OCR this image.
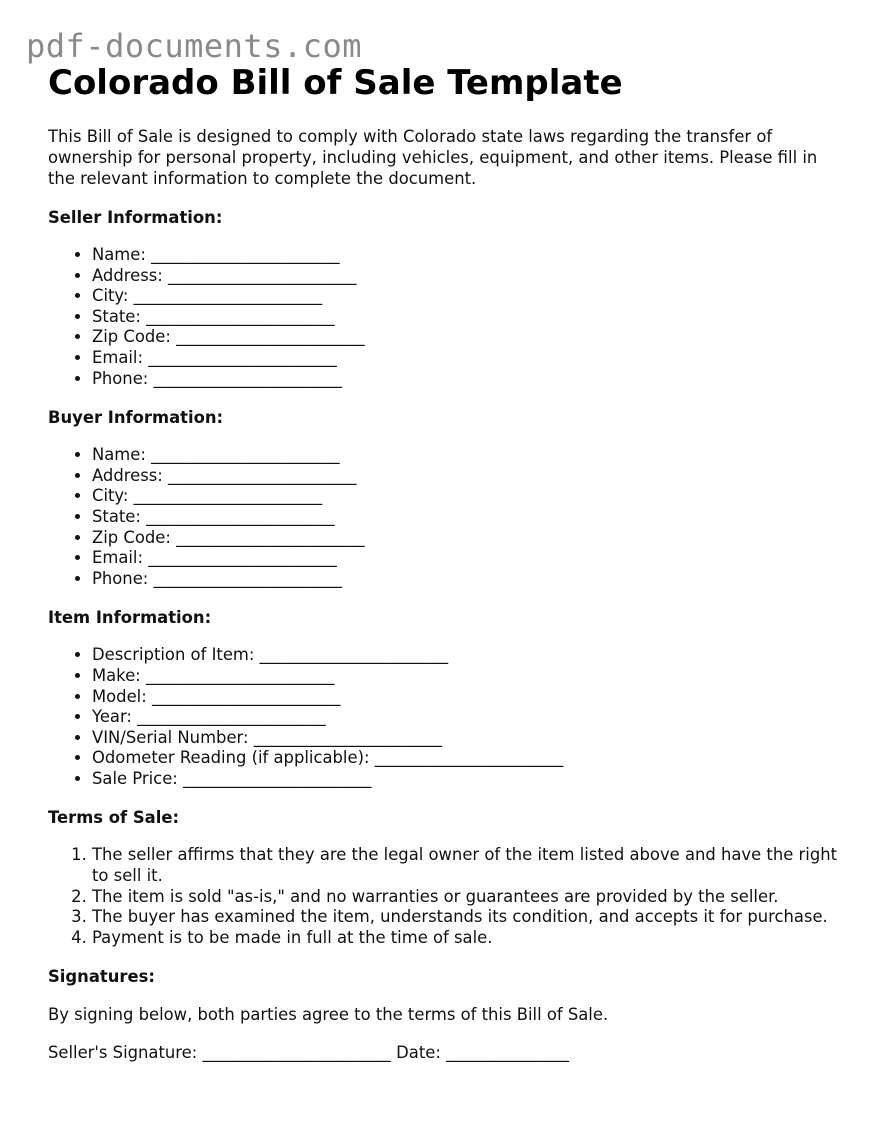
pdf-documents.com
Colorado Bill of Sale Template

This Bill of Sale is designed to comply with Colorado state laws regarding the transfer of ownership for personal property, including vehicles, equipment, and other items. Please fill in the relevant information to complete the document.

Seller Information:
• Name: _______________________
• Address: _______________________
• City: _______________________
• State: _______________________
• Zip Code: _______________________
• Email: _______________________
• Phone: _______________________
Buyer Information:
• Name: _______________________
• Address: _______________________
• City: _______________________
• State: _______________________
• Zip Code: _______________________
• Email: _______________________
• Phone: _______________________
Item Information:
• Description of Item: _______________________
• Make: _______________________
• Model: _______________________
• Year: _______________________
• VIN/Serial Number: _______________________
• Odometer Reading (if applicable): _______________________
• Sale Price: _______________________
Terms of Sale:
1. The seller affirms that they are the legal owner of the item listed above and have the right to sell it.
2. The item is sold "as-is," and no warranties or guarantees are provided by the seller.
3. The buyer has examined the item, understands its condition, and accepts it for purchase.
4. Payment is to be made in full at the time of sale.
Signatures:

By signing below, both parties agree to the terms of this Bill of Sale.

Seller's Signature: _______________________ Date: _______________
